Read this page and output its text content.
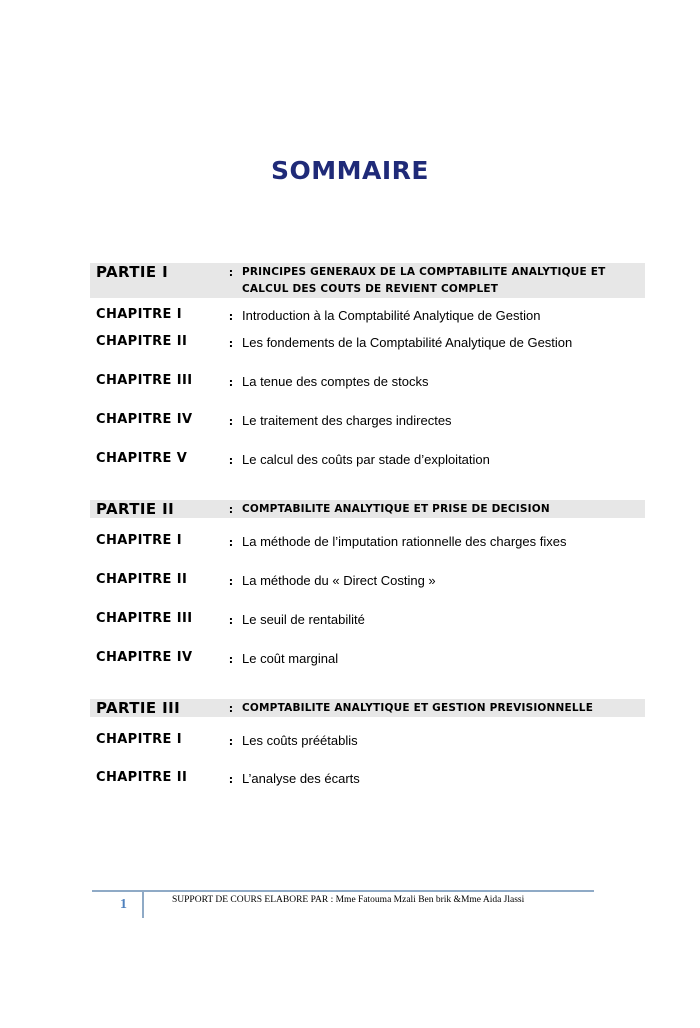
SOMMAIRE
PARTIE I	: PRINCIPES GENERAUX DE LA COMPTABILITE ANALYTIQUE ET CALCUL DES COUTS DE REVIENT COMPLET
CHAPITRE I	: Introduction à la Comptabilité Analytique de Gestion
CHAPITRE II	: Les fondements de la Comptabilité Analytique de Gestion
CHAPITRE III	: La tenue des comptes de stocks
CHAPITRE IV	: Le traitement des charges indirectes
CHAPITRE V	: Le calcul des coûts par stade d’exploitation
PARTIE II	: COMPTABILITE ANALYTIQUE ET PRISE DE DECISION
CHAPITRE I	: La méthode de l’imputation rationnelle des charges fixes
CHAPITRE II	: La méthode du « Direct Costing »
CHAPITRE III	: Le seuil de rentabilité
CHAPITRE IV	: Le coût marginal
PARTIE III	: COMPTABILITE ANALYTIQUE ET GESTION PREVISIONNELLE
CHAPITRE I	: Les coûts préétablis
CHAPITRE II	: L’analyse des écarts
1	SUPPORT DE COURS ELABORE PAR : Mme Fatouma Mzali Ben brik &Mme Aida Jlassi
